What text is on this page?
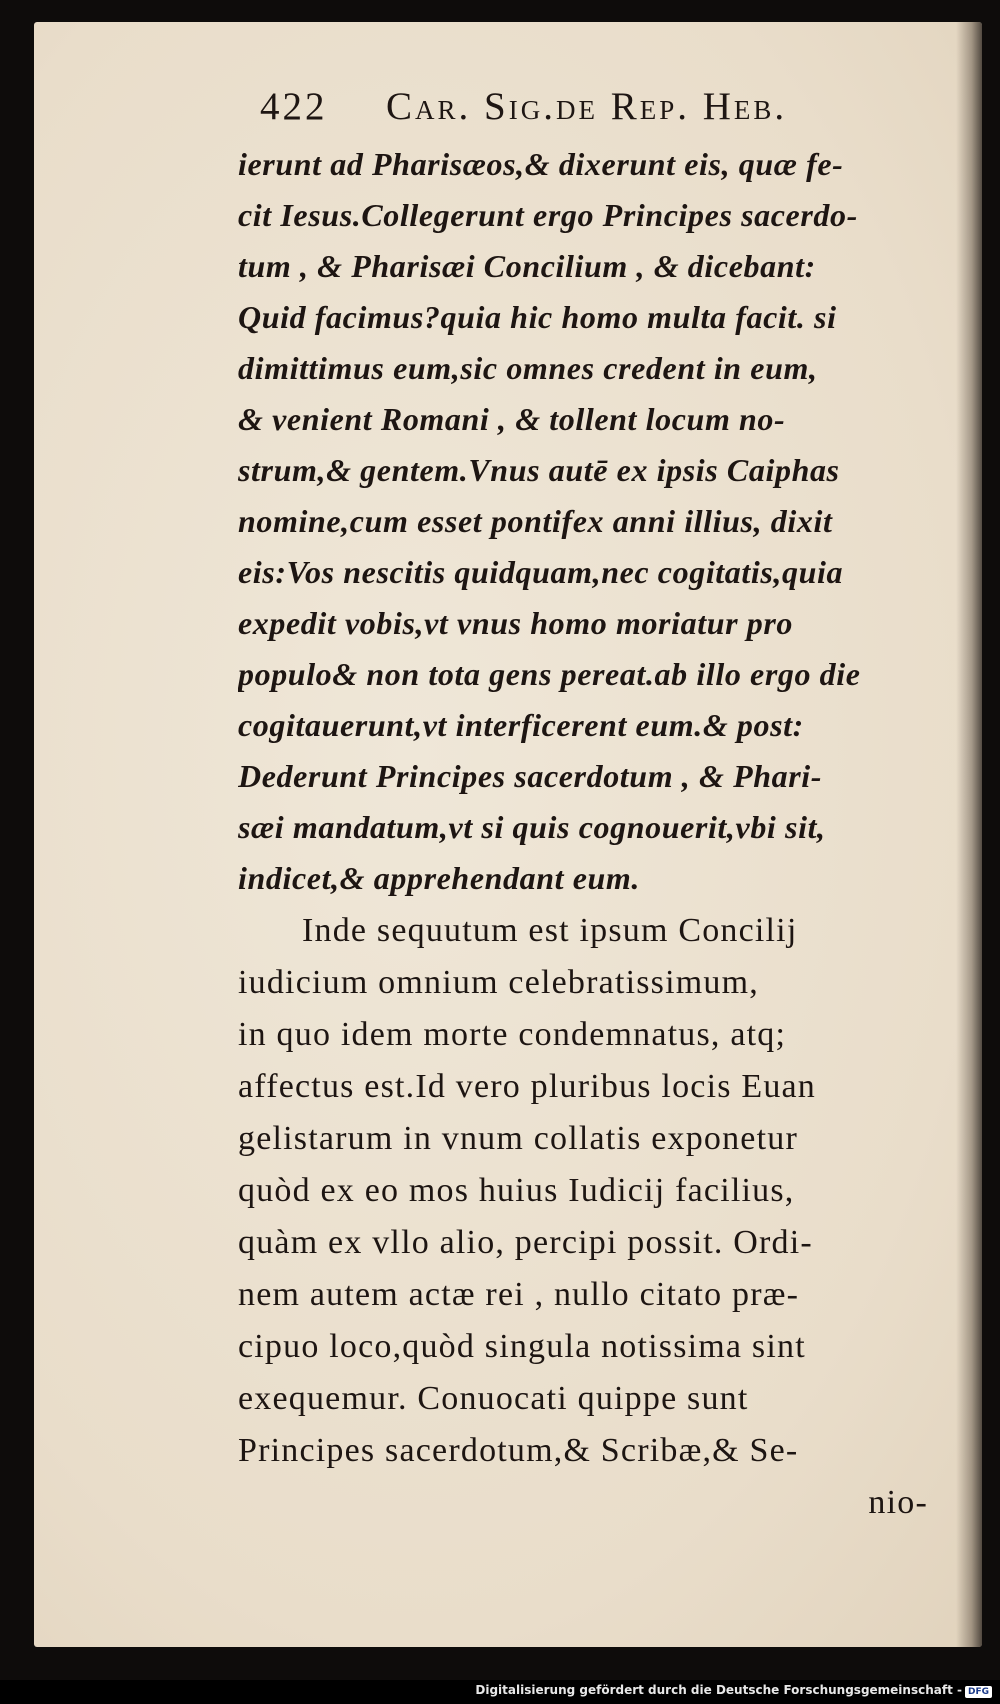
422 Car. Sig.de Rep. Heb.
ierunt ad Pharisæos,& dixerunt eis, quæ fe-
cit Iesus.Collegerunt ergo Principes sacerdo-
tum , & Pharisæi Concilium , & dicebant:
Quid facimus?quia hic homo multa facit. si
dimittimus eum,sic omnes credent in eum,
& venient Romani , & tollent locum no-
strum,& gentem.Vnus autē ex ipsis Caiphas
nomine,cum esset pontifex anni illius, dixit
eis:Vos nescitis quidquam,nec cogitatis,quia
expedit vobis,vt vnus homo moriatur pro
populo& non tota gens pereat.ab illo ergo die
cogitauerunt,vt interficerent eum.& post:
Dederunt Principes sacerdotum , & Phari-
sæi mandatum,vt si quis cognouerit,vbi sit,
indicet,& apprehendant eum.
Inde sequutum est ipsum Concilij
iudicium omnium celebratissimum,
in quo idem morte condemnatus, atq;
affectus est.Id vero pluribus locis Euan
gelistarum in vnum collatis exponetur
quòd ex eo mos huius Iudicij facilius,
quàm ex vllo alio, percipi possit. Ordi-
nem autem actæ rei , nullo citato præ-
cipuo loco,quòd singula notissima sint
exequemur. Conuocati quippe sunt
Principes sacerdotum,& Scribæ,& Se-
nio-
Digitalisierung gefördert durch die Deutsche Forschungsgemeinschaft - DFG
